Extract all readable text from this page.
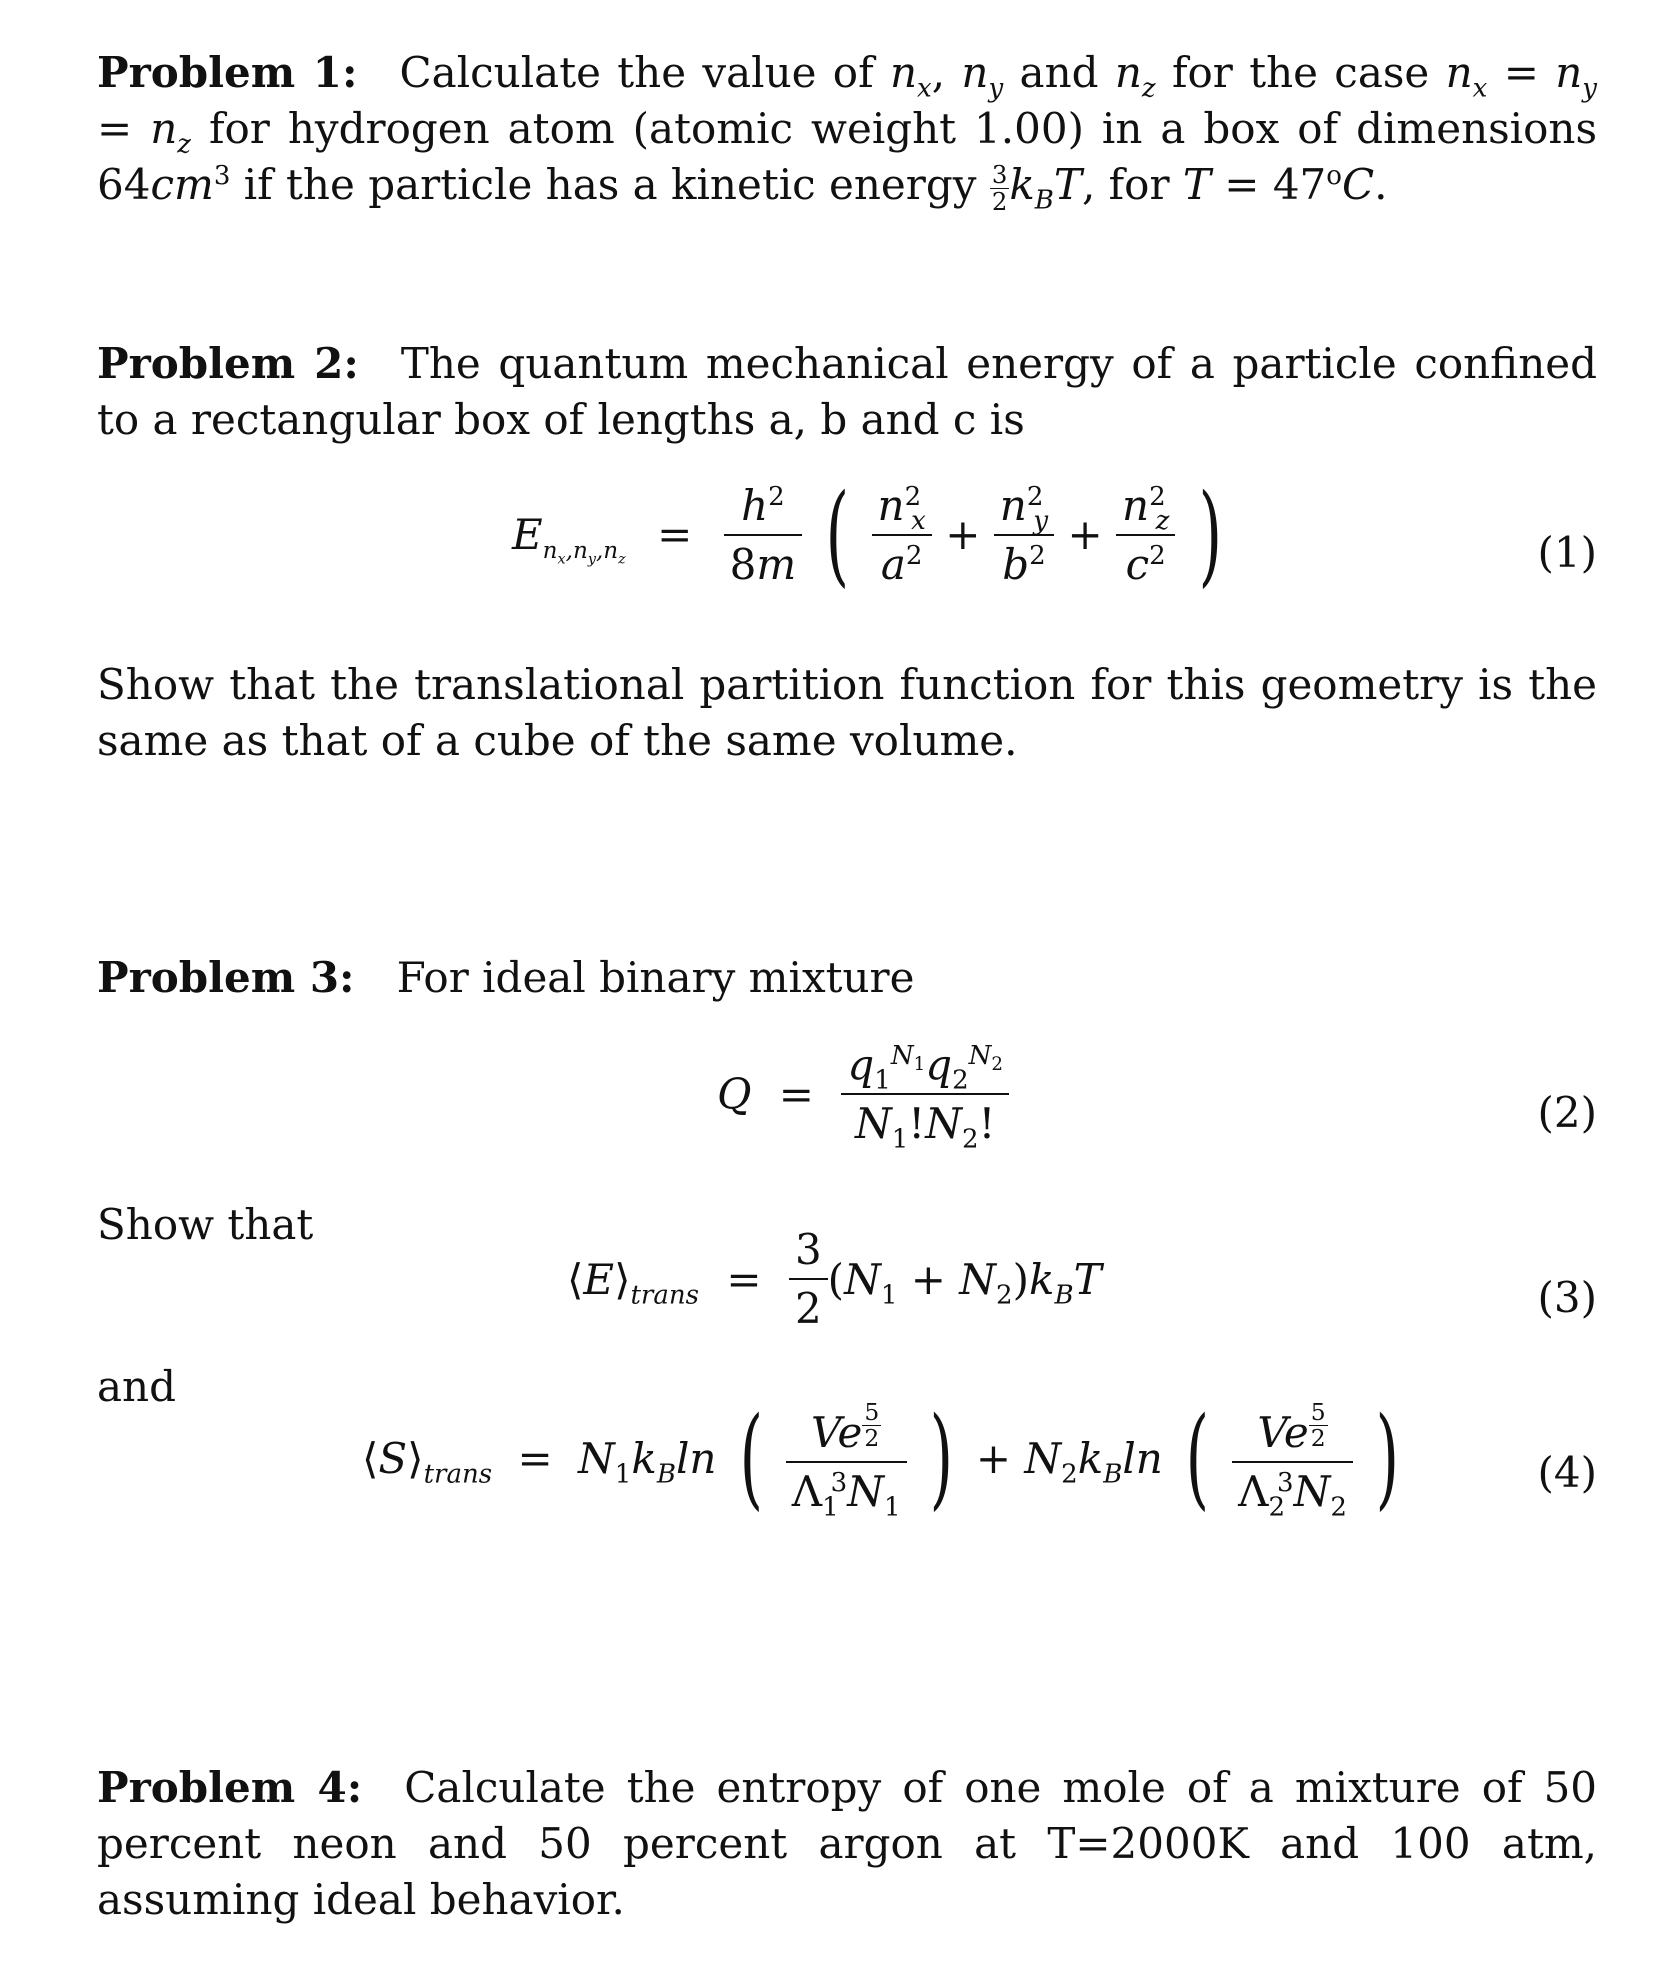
Problem 1: Calculate the value of $n_x$, $n_y$ and $n_z$ for the case $n_x = n_y = n_z$ for hydrogen atom (atomic weight 1.00) in a box of dimensions $64cm^3$ if the particle has a kinetic energy $\frac{3}{2} k_BT$, for $T = 47^oC$.
Problem 2: The quantum mechanical energy of a particle confined to a rectangular box of lengths a, b and c is
$E_{n_x,n_y,n_z} = \frac{h^2}{8m}$ ( $\frac{n^2_x}{a^2} + \frac{n^2_y}{b^2} + \frac{n^2_z}{c^2}$ )	(1)
Show that the translational partition function for this geometry is the same as that of a cube of the same volume.
Problem 3: For ideal binary mixture
$Q = \frac{q_1^{N_1}q_2^{N_2}}{N_1!N_2!}$	(2)
Show that
$⟨E⟩_{trans} = \frac{3}{2} (N_1 + N_2)k_BT$	(3)
and
$⟨S⟩_{trans} = N_1k_B\ln$ ( Ve $^{\frac{5}{2}}$
$\Lambda_1^3N_1$ ) + $N_2k_B\ln$ ( Ve $^{\frac{5}{2}}$
$\Lambda_2^3N_2$ )	(4)
Problem 4: Calculate the entropy of one mole of a mixture of 50 percent neon and 50 percent argon at T=2000K and 100 atm, assuming ideal behavior.
